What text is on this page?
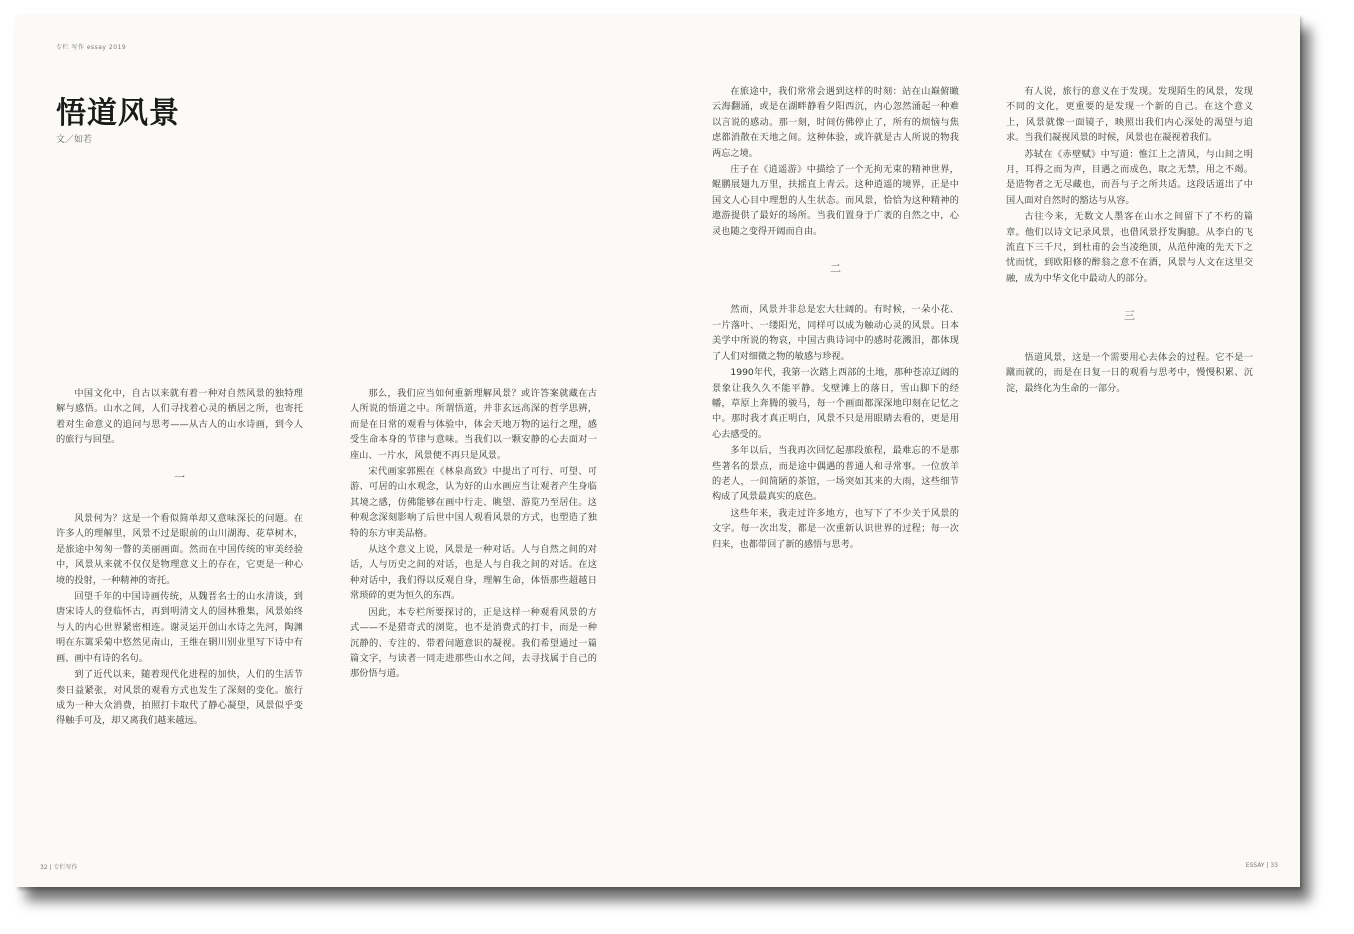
专栏 写作 essay 2019
悟道风景
文／如若

中国文化中，自古以来就有着一种对自然风景的独特理解与感悟。山水之间，人们寻找着心灵的栖居之所，也寄托着对生命意义的追问与思考——从古人的山水诗画，到今人的旅行与回望。

一

风景何为？这是一个看似简单却又意味深长的问题。在许多人的理解里，风景不过是眼前的山川湖海、花草树木，是旅途中匆匆一瞥的美丽画面。然而在中国传统的审美经验中，风景从来就不仅仅是物理意义上的存在，它更是一种心境的投射，一种精神的寄托。

回望千年的中国诗画传统，从魏晋名士的山水清谈，到唐宋诗人的登临怀古，再到明清文人的园林雅集，风景始终与人的内心世界紧密相连。谢灵运开创山水诗之先河，陶渊明在东篱采菊中悠然见南山，王维在辋川别业里写下诗中有画、画中有诗的名句。

到了近代以来，随着现代化进程的加快，人们的生活节奏日益紧张，对风景的观看方式也发生了深刻的变化。旅行成为一种大众消费，拍照打卡取代了静心凝望，风景似乎变得触手可及，却又离我们越来越远。

那么，我们应当如何重新理解风景？或许答案就藏在古人所说的悟道之中。所谓悟道，并非玄远高深的哲学思辨，而是在日常的观看与体验中，体会天地万物的运行之理，感受生命本身的节律与意味。当我们以一颗安静的心去面对一座山、一片水，风景便不再只是风景。

宋代画家郭熙在《林泉高致》中提出了可行、可望、可游、可居的山水观念，认为好的山水画应当让观者产生身临其境之感，仿佛能够在画中行走、眺望、游览乃至居住。这种观念深刻影响了后世中国人观看风景的方式，也塑造了独特的东方审美品格。

从这个意义上说，风景是一种对话。人与自然之间的对话，人与历史之间的对话，也是人与自我之间的对话。在这种对话中，我们得以反观自身，理解生命，体悟那些超越日常琐碎的更为恒久的东西。

因此，本专栏所要探讨的，正是这样一种观看风景的方式——不是猎奇式的浏览，也不是消费式的打卡，而是一种沉静的、专注的、带着问题意识的凝视。我们希望通过一篇篇文字，与读者一同走进那些山水之间，去寻找属于自己的那份悟与道。

32 | 专栏写作

在旅途中，我们常常会遇到这样的时刻：站在山巅俯瞰云海翻涌，或是在湖畔静看夕阳西沉，内心忽然涌起一种难以言说的感动。那一刻，时间仿佛停止了，所有的烦恼与焦虑都消散在天地之间。这种体验，或许就是古人所说的物我两忘之境。

庄子在《逍遥游》中描绘了一个无拘无束的精神世界，鲲鹏展翅九万里，扶摇直上青云。这种逍遥的境界，正是中国文人心目中理想的人生状态。而风景，恰恰为这种精神的遨游提供了最好的场所。当我们置身于广袤的自然之中，心灵也随之变得开阔而自由。

二

然而，风景并非总是宏大壮阔的。有时候，一朵小花、一片落叶、一缕阳光，同样可以成为触动心灵的风景。日本美学中所说的物哀，中国古典诗词中的感时花溅泪，都体现了人们对细微之物的敏感与珍视。

1990年代，我第一次踏上西部的土地，那种苍凉辽阔的景象让我久久不能平静。戈壁滩上的落日，雪山脚下的经幡，草原上奔腾的骏马，每一个画面都深深地印刻在记忆之中。那时我才真正明白，风景不只是用眼睛去看的，更是用心去感受的。

多年以后，当我再次回忆起那段旅程，最难忘的不是那些著名的景点，而是途中偶遇的普通人和寻常事。一位放羊的老人，一间简陋的茶馆，一场突如其来的大雨，这些细节构成了风景最真实的底色。

这些年来，我走过许多地方，也写下了不少关于风景的文字。每一次出发，都是一次重新认识世界的过程；每一次归来，也都带回了新的感悟与思考。

有人说，旅行的意义在于发现。发现陌生的风景，发现不同的文化，更重要的是发现一个新的自己。在这个意义上，风景就像一面镜子，映照出我们内心深处的渴望与追求。当我们凝视风景的时候，风景也在凝视着我们。

苏轼在《赤壁赋》中写道：惟江上之清风，与山间之明月，耳得之而为声，目遇之而成色，取之无禁，用之不竭。是造物者之无尽藏也，而吾与子之所共适。这段话道出了中国人面对自然时的豁达与从容。

古往今来，无数文人墨客在山水之间留下了不朽的篇章。他们以诗文记录风景，也借风景抒发胸臆。从李白的飞流直下三千尺，到杜甫的会当凌绝顶，从范仲淹的先天下之忧而忧，到欧阳修的醉翁之意不在酒，风景与人文在这里交融，成为中华文化中最动人的部分。

三

悟道风景，这是一个需要用心去体会的过程。它不是一蹴而就的，而是在日复一日的观看与思考中，慢慢积累、沉淀，最终化为生命的一部分。

ESSAY | 33
